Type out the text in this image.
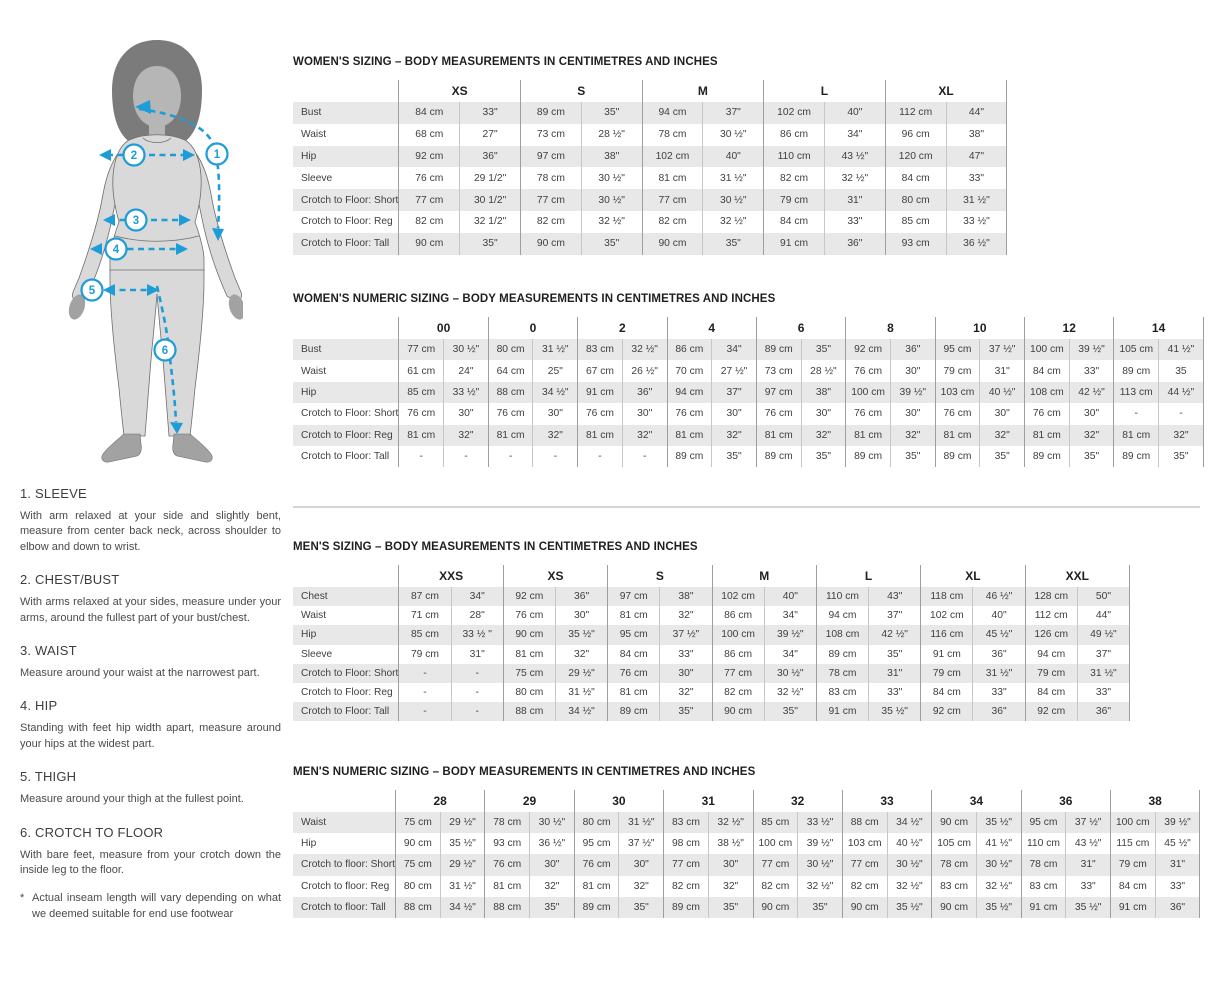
1
2
3
4
5
6
1. SLEEVE

With arm relaxed at your side and slightly bent, measure from center back neck, across shoulder to elbow and down to wrist.

2. CHEST/BUST

With arms relaxed at your sides, measure under your arms, around the fullest part of your bust/chest.

3. WAIST

Measure around your waist at the narrowest part.

4. HIP

Standing with feet hip width apart, measure around your hips at the widest part.

5. THIGH

Measure around your thigh at the fullest point.

6. CROTCH TO FLOOR

With bare feet, measure from your crotch down the inside leg to the floor.

* Actual inseam length will vary depending on what we deemed suitable for end use footwear

WOMEN'S SIZING – BODY MEASUREMENTS IN CENTIMETRES AND INCHES
	XS		S		M		L		XL	
Bust	84 cm	33"	89 cm	35"	94 cm	37"	102 cm	40"	112 cm	44"
Waist	68 cm	27"	73 cm	28 ½"	78 cm	30 ½"	86 cm	34"	96 cm	38"
Hip	92 cm	36"	97 cm	38"	102 cm	40"	110 cm	43 ½"	120 cm	47"
Sleeve	76 cm	29 1/2"	78 cm	30 ½"	81 cm	31 ½"	82 cm	32 ½"	84 cm	33"
Crotch to Floor: Short	77 cm	30 1/2"	77 cm	30 ½"	77 cm	30 ½"	79 cm	31"	80 cm	31 ½"
Crotch to Floor: Reg	82 cm	32 1/2"	82 cm	32 ½"	82 cm	32 ½"	84 cm	33"	85 cm	33 ½"
Crotch to Floor: Tall	90 cm	35"	90 cm	35"	90 cm	35"	91 cm	36"	93 cm	36 ½"
WOMEN'S NUMERIC SIZING – BODY MEASUREMENTS IN CENTIMETRES AND INCHES
	00		0		2		4		6		8		10		12		14	
Bust	77 cm	30 ½"	80 cm	31 ½"	83 cm	32 ½"	86 cm	34"	89 cm	35"	92 cm	36"	95 cm	37 ½"	100 cm	39 ½"	105 cm	41 ½"
Waist	61 cm	24"	64 cm	25"	67 cm	26 ½"	70 cm	27 ½"	73 cm	28 ½"	76 cm	30"	79 cm	31"	84 cm	33"	89 cm	35
Hip	85 cm	33 ½"	88 cm	34 ½"	91 cm	36"	94 cm	37"	97 cm	38"	100 cm	39 ½"	103 cm	40 ½"	108 cm	42 ½"	113 cm	44 ½"
Crotch to Floor: Short	76 cm	30"	76 cm	30"	76 cm	30"	76 cm	30"	76 cm	30"	76 cm	30"	76 cm	30"	76 cm	30"	-	-
Crotch to Floor: Reg	81 cm	32"	81 cm	32"	81 cm	32"	81 cm	32"	81 cm	32"	81 cm	32"	81 cm	32"	81 cm	32"	81 cm	32"
Crotch to Floor: Tall	-	-	-	-	-	-	89 cm	35"	89 cm	35"	89 cm	35"	89 cm	35"	89 cm	35"	89 cm	35"
MEN'S SIZING – BODY MEASUREMENTS IN CENTIMETRES AND INCHES
	XXS		XS		S		M		L		XL		XXL	
Chest	87 cm	34"	92 cm	36"	97 cm	38"	102 cm	40"	110 cm	43"	118 cm	46 ½"	128 cm	50"
Waist	71 cm	28"	76 cm	30"	81 cm	32"	86 cm	34"	94 cm	37"	102 cm	40"	112 cm	44"
Hip	85 cm	33 ½ "	90 cm	35 ½"	95 cm	37 ½"	100 cm	39 ½"	108 cm	42 ½"	116 cm	45 ½"	126 cm	49 ½"
Sleeve	79 cm	31"	81 cm	32"	84 cm	33"	86 cm	34"	89 cm	35"	91 cm	36"	94 cm	37"
Crotch to Floor: Short	-	-	75 cm	29 ½"	76 cm	30"	77 cm	30 ½"	78 cm	31"	79 cm	31 ½"	79 cm	31 ½"
Crotch to Floor: Reg	-	-	80 cm	31 ½"	81 cm	32"	82 cm	32 ½"	83 cm	33"	84 cm	33"	84 cm	33"
Crotch to Floor: Tall	-	-	88 cm	34 ½"	89 cm	35"	90 cm	35"	91 cm	35 ½"	92 cm	36"	92 cm	36"
MEN'S NUMERIC SIZING – BODY MEASUREMENTS IN CENTIMETRES AND INCHES
	28		29		30		31		32		33		34		36		38	
Waist	75 cm	29 ½"	78 cm	30 ½"	80 cm	31 ½"	83 cm	32 ½"	85 cm	33 ½"	88 cm	34 ½"	90 cm	35 ½"	95 cm	37 ½"	100 cm	39 ½"
Hip	90 cm	35 ½"	93 cm	36 ½"	95 cm	37 ½"	98 cm	38 ½"	100 cm	39 ½"	103 cm	40 ½"	105 cm	41 ½"	110 cm	43 ½"	115 cm	45 ½"
Crotch to floor: Short	75 cm	29 ½"	76 cm	30"	76 cm	30"	77 cm	30"	77 cm	30 ½"	77 cm	30 ½"	78 cm	30 ½"	78 cm	31"	79 cm	31"
Crotch to floor: Reg	80 cm	31 ½"	81 cm	32"	81 cm	32"	82 cm	32"	82 cm	32 ½"	82 cm	32 ½"	83 cm	32 ½"	83 cm	33"	84 cm	33"
Crotch to floor: Tall	88 cm	34 ½"	88 cm	35"	89 cm	35"	89 cm	35"	90 cm	35"	90 cm	35 ½"	90 cm	35 ½"	91 cm	35 ½"	91 cm	36"
